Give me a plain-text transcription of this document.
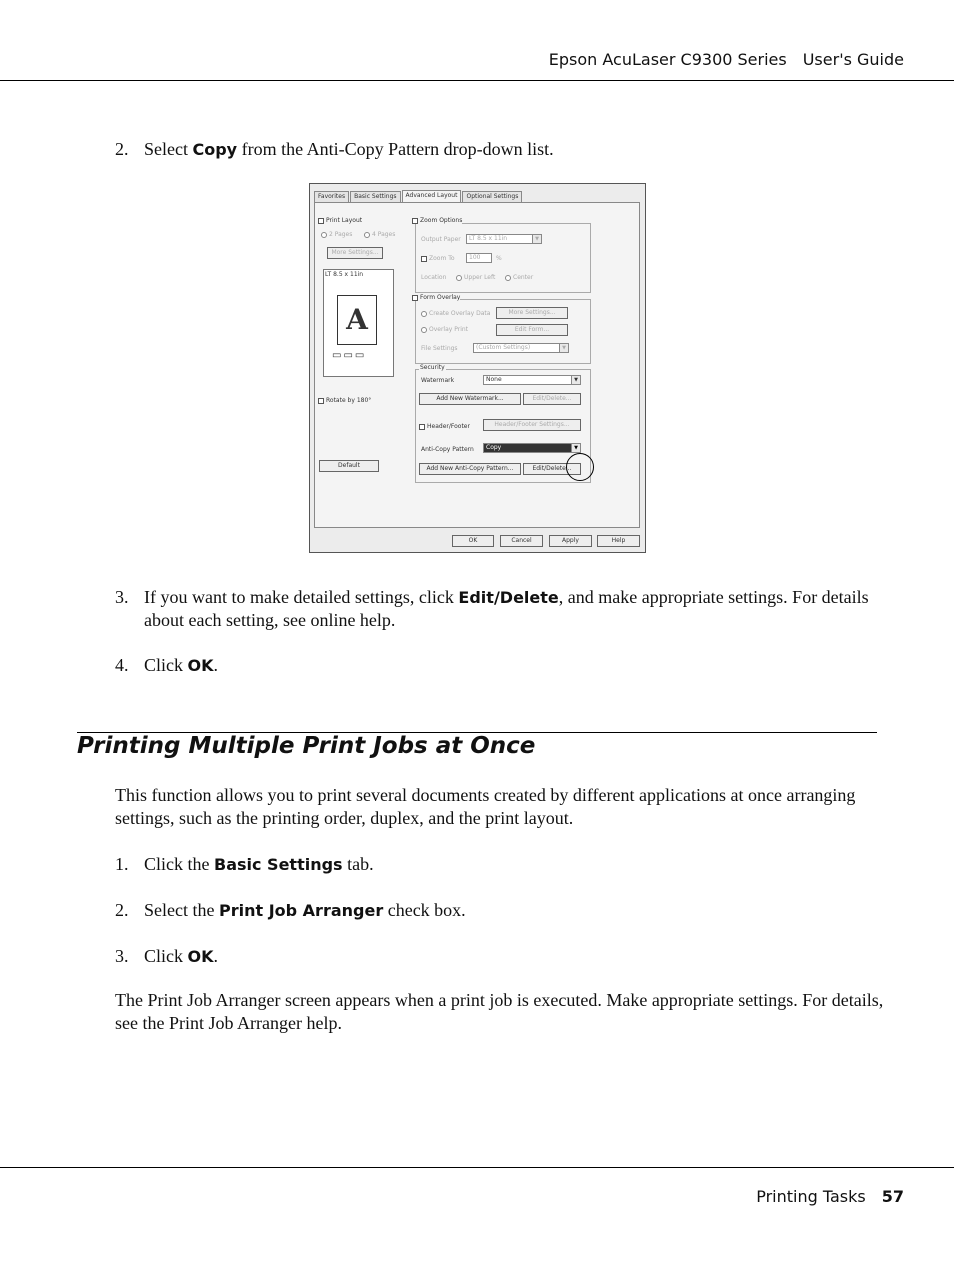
Epson AcuLaser C9300 Series User's Guide
2. Select Copy from the Anti-Copy Pattern drop-down list.
Favorites	Basic Settings	Advanced Layout	Optional Settings
Print Layout
2 Pages	4 Pages
More Settings...
LT 8.5 x 11in
A
▭▭▭
Rotate by 180°
Default
Zoom Options
Output Paper	LT 8.5 x 11in	▼
Zoom To	100	%
Location	Upper Left	Center
Form Overlay
Create Overlay Data	More Settings...
Overlay Print	Edit Form...
File Settings	(Custom Settings)	▼
Security
Watermark	None	▼
Add New Watermark...	Edit/Delete...
Header/Footer	Header/Footer Settings...
Anti-Copy Pattern	Copy	▼
Add New Anti-Copy Pattern...	Edit/Delete...
OK	Cancel	Apply	Help
3. If you want to make detailed settings, click Edit/Delete, and make appropriate settings. For details about each setting, see online help.
4. Click OK.
Printing Multiple Print Jobs at Once
This function allows you to print several documents created by different applications at once arranging settings, such as the printing order, duplex, and the print layout.
1. Click the Basic Settings tab.
2. Select the Print Job Arranger check box.
3. Click OK.
The Print Job Arranger screen appears when a print job is executed. Make appropriate settings. For details, see the Print Job Arranger help.
Printing Tasks 57
